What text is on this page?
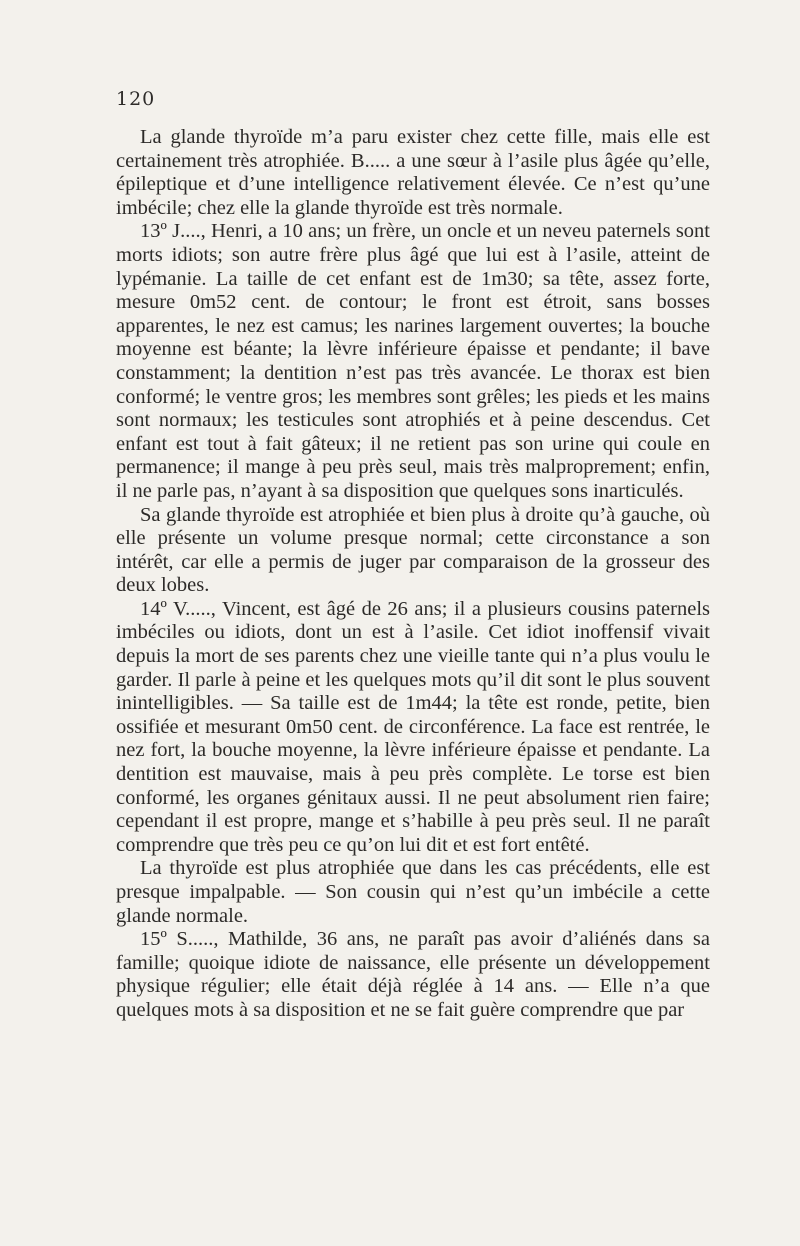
120

La glande thyroïde m’a paru exister chez cette fille, mais elle est certainement très atrophiée. B..... a une sœur à l’asile plus âgée qu’elle, épileptique et d’une intelligence relativement élevée. Ce n’est qu’une imbécile; chez elle la glande thyroïde est très normale.

13º J...., Henri, a 10 ans; un frère, un oncle et un neveu paternels sont morts idiots; son autre frère plus âgé que lui est à l’asile, atteint de lypémanie. La taille de cet enfant est de 1m30; sa tête, assez forte, mesure 0m52 cent. de contour; le front est étroit, sans bosses apparentes, le nez est camus; les narines largement ouvertes; la bouche moyenne est béante; la lèvre inférieure épaisse et pendante; il bave constamment; la dentition n’est pas très avancée. Le thorax est bien conformé; le ventre gros; les membres sont grêles; les pieds et les mains sont normaux; les testicules sont atrophiés et à peine descendus. Cet enfant est tout à fait gâteux; il ne retient pas son urine qui coule en permanence; il mange à peu près seul, mais très malproprement; enfin, il ne parle pas, n’ayant à sa disposition que quelques sons inarticulés.

Sa glande thyroïde est atrophiée et bien plus à droite qu’à gauche, où elle présente un volume presque normal; cette circonstance a son intérêt, car elle a permis de juger par comparaison de la grosseur des deux lobes.

14º V....., Vincent, est âgé de 26 ans; il a plusieurs cousins paternels imbéciles ou idiots, dont un est à l’asile. Cet idiot inoffensif vivait depuis la mort de ses parents chez une vieille tante qui n’a plus voulu le garder. Il parle à peine et les quelques mots qu’il dit sont le plus souvent inintelligibles. — Sa taille est de 1m44; la tête est ronde, petite, bien ossifiée et mesurant 0m50 cent. de circonférence. La face est rentrée, le nez fort, la bouche moyenne, la lèvre inférieure épaisse et pendante. La dentition est mauvaise, mais à peu près complète. Le torse est bien conformé, les organes génitaux aussi. Il ne peut absolument rien faire; cependant il est propre, mange et s’habille à peu près seul. Il ne paraît comprendre que très peu ce qu’on lui dit et est fort entêté.

La thyroïde est plus atrophiée que dans les cas précédents, elle est presque impalpable. — Son cousin qui n’est qu’un imbécile a cette glande normale.

15º S....., Mathilde, 36 ans, ne paraît pas avoir d’aliénés dans sa famille; quoique idiote de naissance, elle présente un développement physique régulier; elle était déjà réglée à 14 ans. — Elle n’a que quelques mots à sa disposition et ne se fait guère comprendre que par
